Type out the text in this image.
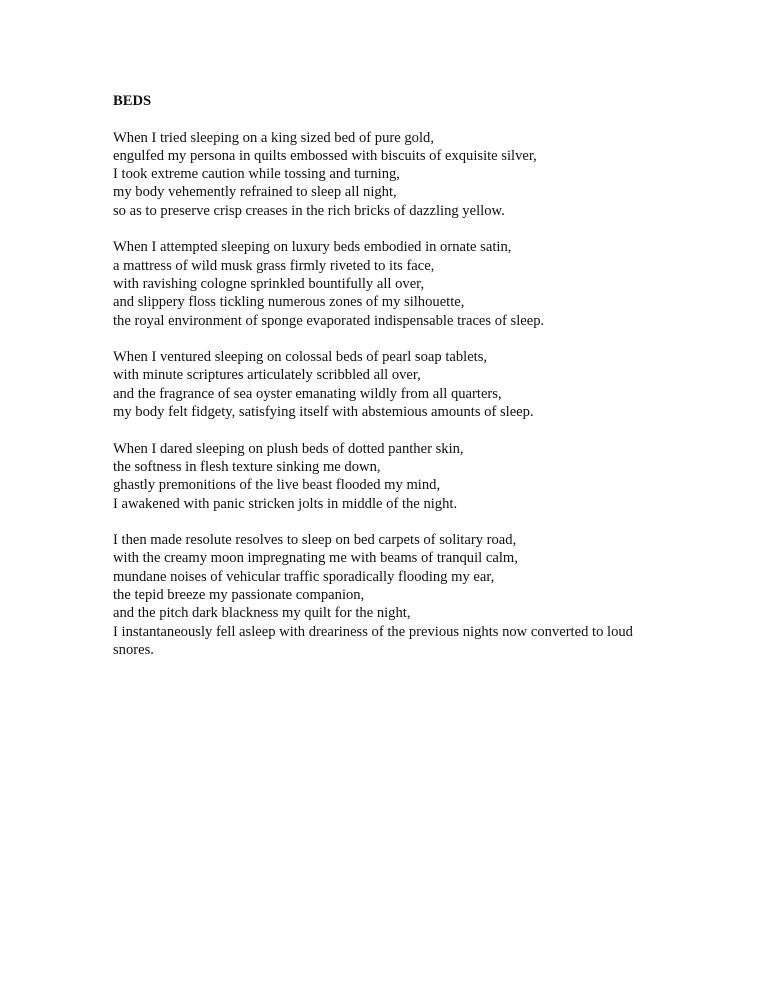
BEDS
When I tried sleeping on a king sized bed of pure gold,
engulfed my persona in quilts embossed with biscuits of exquisite silver,
I took extreme caution while tossing and turning,
my body vehemently refrained to sleep all night,
so as to preserve crisp creases in the rich bricks of dazzling yellow.
When I attempted sleeping on luxury beds embodied in ornate satin,
a mattress of wild musk grass firmly riveted to its face,
with ravishing cologne sprinkled bountifully all over,
and slippery floss tickling numerous zones of my silhouette,
the royal environment of sponge evaporated indispensable traces of sleep.
When I ventured sleeping on colossal beds of pearl soap tablets,
with minute scriptures articulately scribbled all over,
and the fragrance of sea oyster emanating wildly from all quarters,
my body felt fidgety, satisfying itself with abstemious amounts of sleep.
When I dared sleeping on plush beds of dotted panther skin,
the softness in flesh texture sinking me down,
ghastly premonitions of the live beast flooded my mind,
I awakened with panic stricken jolts in middle of the night.
I then made resolute resolves to sleep on bed carpets of solitary road,
with the creamy moon impregnating me with beams of tranquil calm,
mundane noises of vehicular traffic sporadically flooding my ear,
the tepid breeze my passionate companion,
and the pitch dark blackness my quilt for the night,
I instantaneously fell asleep with dreariness of the previous nights now converted to loud snores.
